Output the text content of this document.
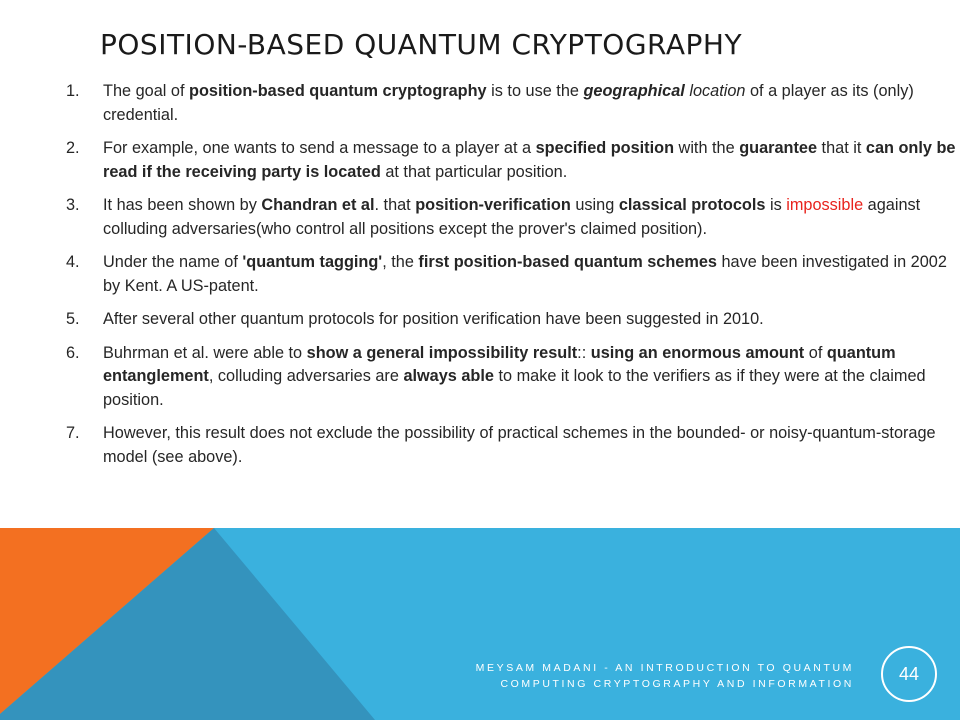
POSITION-BASED QUANTUM CRYPTOGRAPHY
1. The goal of position-based quantum cryptography is to use the geographical location of a player as its (only) credential.
2. For example, one wants to send a message to a player at a specified position with the guarantee that it can only be read if the receiving party is located at that particular position.
3. It has been shown by Chandran et al. that position-verification using classical protocols is impossible against colluding adversaries(who control all positions except the prover's claimed position).
4. Under the name of 'quantum tagging', the first position-based quantum schemes have been investigated in 2002 by Kent. A US-patent.
5. After several other quantum protocols for position verification have been suggested in 2010.
6. Buhrman et al. were able to show a general impossibility result:: using an enormous amount of quantum entanglement, colluding adversaries are always able to make it look to the verifiers as if they were at the claimed position.
7. However, this result does not exclude the possibility of practical schemes in the bounded- or noisy-quantum-storage model (see above).
MEYSAM MADANI - AN INTRODUCTION TO QUANTUM
COMPUTING CRYPTOGRAPHY AND INFORMATION
44
